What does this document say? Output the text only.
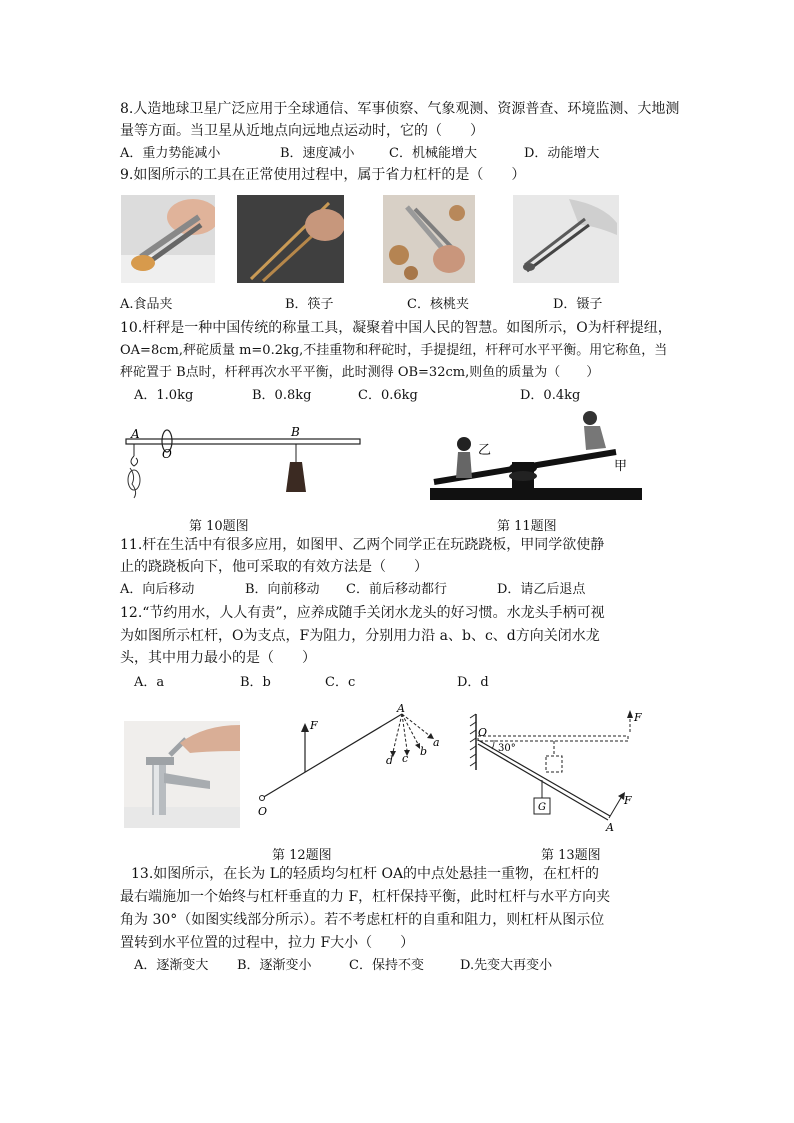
8.人造地球卫星广泛应用于全球通信、军事侦察、气象观测、资源普查、环境监测、大地测
量等方面。当卫星从近地点向远地点运动时，它的（　　）
A．重力势能减小	B．速度减小	C．机械能增大	D．动能增大
9.如图所示的工具在正常使用过程中，属于省力杠杆的是（　　）
A.食品夹	B．筷子	C．核桃夹	D．镊子
10.杆秤是一种中国传统的称量工具，凝聚着中国人民的智慧。如图所示，O为杆秤提纽，
OA=8cm,秤砣质量 m=0.2kg,不挂重物和秤砣时，手提提纽，杆秤可水平平衡。用它称鱼，当
秤砣置于 B点时，杆秤再次水平平衡，此时测得 OB=32cm,则鱼的质量为（　　）
A．1.0kg	B．0.8kg	C．0.6kg	D．0.4kg
A
O
B
第 10题图
乙
甲
第 11题图
11.杆在生活中有很多应用，如图甲、乙两个同学正在玩跷跷板，甲同学欲使静
止的跷跷板向下，他可采取的有效方法是（　　）
A．向后移动	B．向前移动 C．前后移动都行	D．请乙后退点
12.“节约用水，人人有责”，应养成随手关闭水龙头的好习惯。水龙头手柄可视
为如图所示杠杆，O为支点，F为阻力，分别用力沿 a、b、c、d方向关闭水龙
头，其中用力最小的是（　　）
A．a	B．b	C．c	D．d
O
F
A
d c
b
a
第 12题图
O
F
30°
G
F
A
第 13题图
13.如图所示，在长为 L的轻质均匀杠杆 OA的中点处悬挂一重物，在杠杆的
最右端施加一个始终与杠杆垂直的力 F，杠杆保持平衡，此时杠杆与水平方向夹
角为 30°（如图实线部分所示）。若不考虑杠杆的自重和阻力，则杠杆从图示位
置转到水平位置的过程中，拉力 F大小（　　）
A．逐渐变大 B．逐渐变小	C．保持不变	D.先变大再变小
